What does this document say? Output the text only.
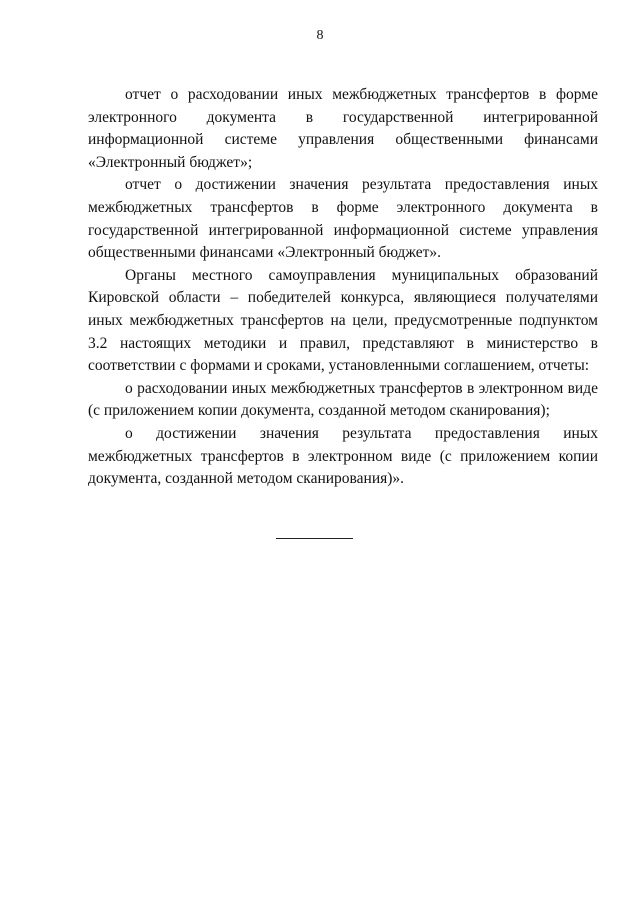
8

отчет о расходовании иных межбюджетных трансфертов в форме электронного документа в государственной интегрированной информационной системе управления общественными финансами «Электронный бюджет»;

отчет о достижении значения результата предоставления иных межбюджетных трансфертов в форме электронного документа в государственной интегрированной информационной системе управления общественными финансами «Электронный бюджет».

Органы местного самоуправления муниципальных образований Кировской области – победителей конкурса, являющиеся получателями иных межбюджетных трансфертов на цели, предусмотренные подпунктом 3.2 настоящих методики и правил, представляют в министерство в соответствии с формами и сроками, установленными соглашением, отчеты:

о расходовании иных межбюджетных трансфертов в электронном виде (с приложением копии документа, созданной методом сканирования);

о достижении значения результата предоставления иных межбюджетных трансфертов в электронном виде (с приложением копии документа, созданной методом сканирования)».
